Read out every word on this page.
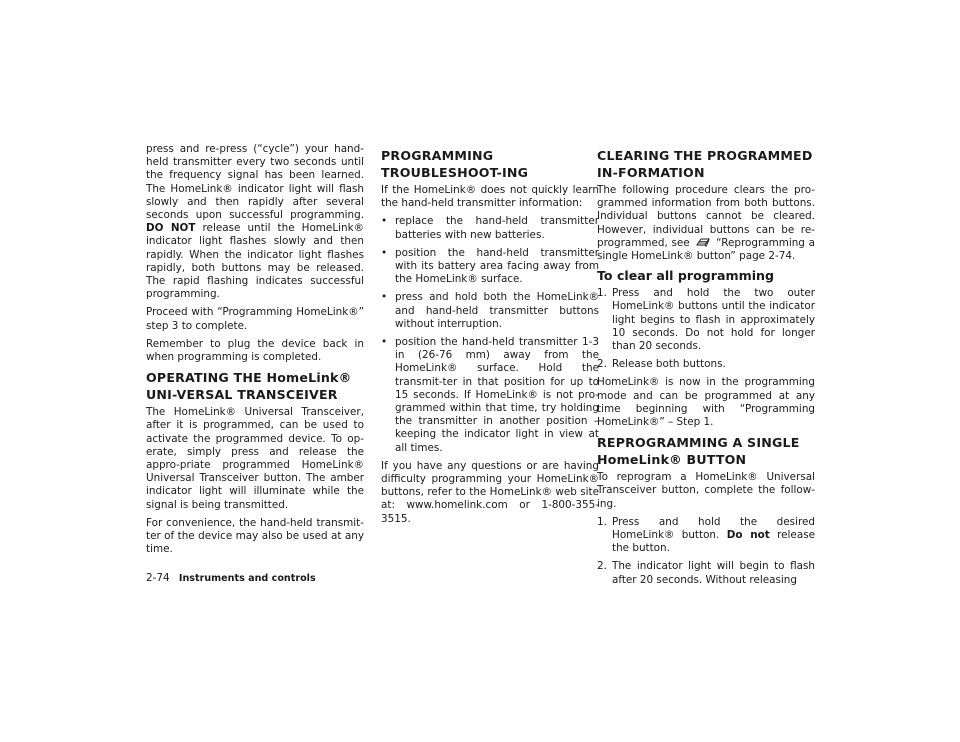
press and re-press (“cycle”) your hand-held transmitter every two seconds until the frequency signal has been learned. The HomeLink® indicator light will flash slowly and then rapidly after several seconds upon successful programming. DO NOT release until the HomeLink® indicator light flashes slowly and then rapidly. When the indicator light flashes rapidly, both buttons may be released. The rapid flashing indicates successful programming.

Proceed with “Programming HomeLink®” step 3 to complete.

Remember to plug the device back in when programming is completed.

OPERATING THE HomeLink® UNI-VERSAL TRANSCEIVER

The HomeLink® Universal Transceiver, after it is programmed, can be used to activate the programmed device. To op-erate, simply press and release the appro-priate programmed HomeLink® Universal Transceiver button. The amber indicator light will illuminate while the signal is being transmitted.

For convenience, the hand-held transmit-ter of the device may also be used at any time.

PROGRAMMING TROUBLESHOOT-ING

If the HomeLink® does not quickly learn the hand-held transmitter information:

• replace the hand-held transmitter batteries with new batteries.
• position the hand-held transmitter with its battery area facing away from the HomeLink® surface.
• press and hold both the HomeLink® and hand-held transmitter buttons without interruption.
• position the hand-held transmitter 1-3 in (26-76 mm) away from the HomeLink® surface. Hold the transmit-ter in that position for up to 15 seconds. If HomeLink® is not pro-grammed within that time, try holding the transmitter in another position – keeping the indicator light in view at all times.

If you have any questions or are having difficulty programming your HomeLink® buttons, refer to the HomeLink® web site at: www.homelink.com or 1-800-355-3515.

CLEARING THE PROGRAMMED IN-FORMATION

The following procedure clears the pro-grammed information from both buttons. Individual buttons cannot be cleared. However, individual buttons can be re-programmed, see	“Reprogramming a single HomeLink® button” page 2-74.

To clear all programming
1. Press and hold the two outer HomeLink® buttons until the indicator light begins to flash in approximately 10 seconds. Do not hold for longer than 20 seconds.
2. Release both buttons.

HomeLink® is now in the programming mode and can be programmed at any time beginning with “Programming HomeLink®” – Step 1.

REPROGRAMMING A SINGLE HomeLink® BUTTON

To reprogram a HomeLink® Universal Transceiver button, complete the follow-ing.

1. Press and hold the desired HomeLink® button. Do not release the button.
2. The indicator light will begin to flash after 20 seconds. Without releasing
2-74 Instruments and controls
